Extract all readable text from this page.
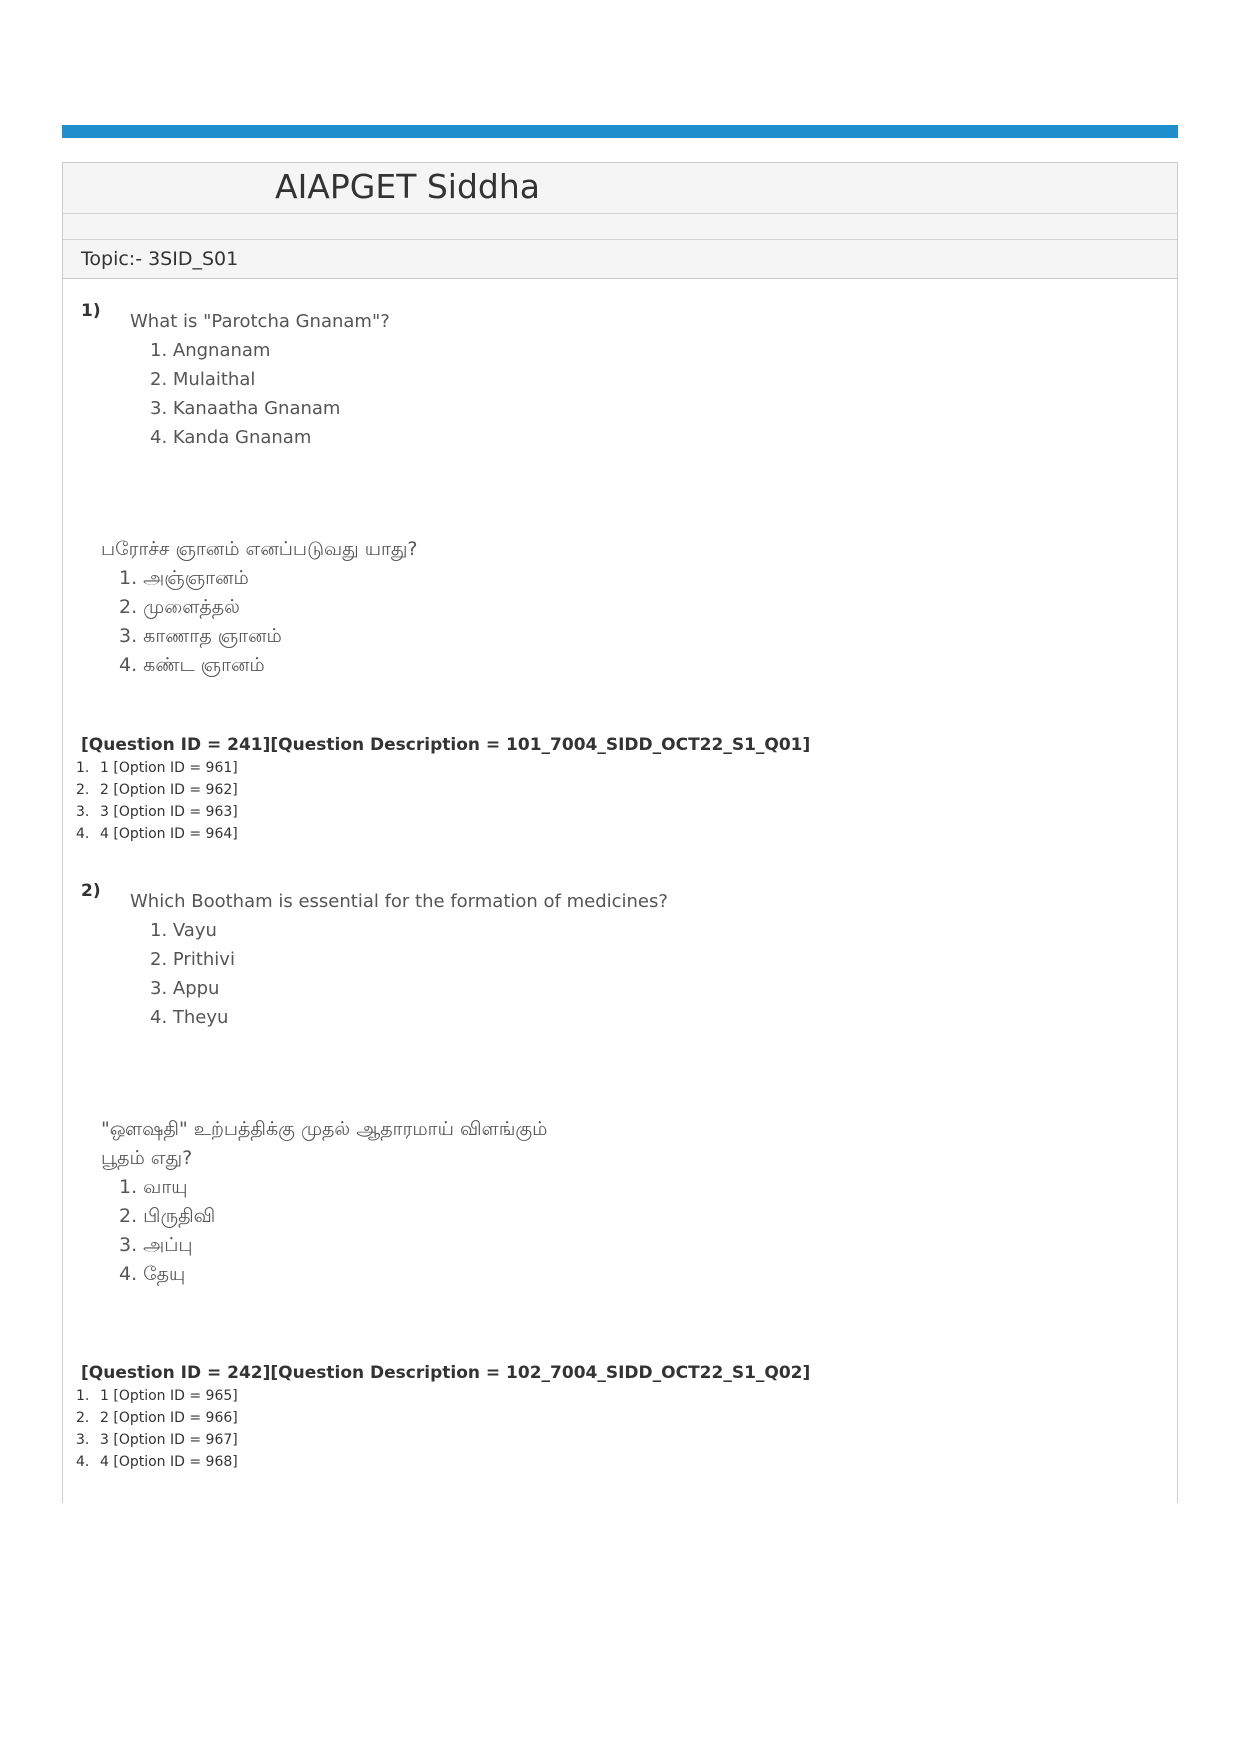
AIAPGET Siddha
Topic:- 3SID_S01
1) What is "Parotcha Gnanam"?
1. Angnanam
2. Mulaithal
3. Kanaatha Gnanam
4. Kanda Gnanam
பரோச்ச ஞானம் எனப்படுவது யாது?
1. அஞ்ஞானம்
2. முளைத்தல்
3. காணாத ஞானம்
4. கண்ட ஞானம்
[Question ID = 241][Question Description = 101_7004_SIDD_OCT22_S1_Q01]
1. 1 [Option ID = 961]
2. 2 [Option ID = 962]
3. 3 [Option ID = 963]
4. 4 [Option ID = 964]
2) Which Bootham is essential for the formation of medicines?
1. Vayu
2. Prithivi
3. Appu
4. Theyu
"ஔஷதி" உற்பத்திக்கு முதல் ஆதாரமாய் விளங்கும்
பூதம் எது?
1. வாயு
2. பிருதிவி
3. அப்பு
4. தேயு
[Question ID = 242][Question Description = 102_7004_SIDD_OCT22_S1_Q02]
1. 1 [Option ID = 965]
2. 2 [Option ID = 966]
3. 3 [Option ID = 967]
4. 4 [Option ID = 968]
